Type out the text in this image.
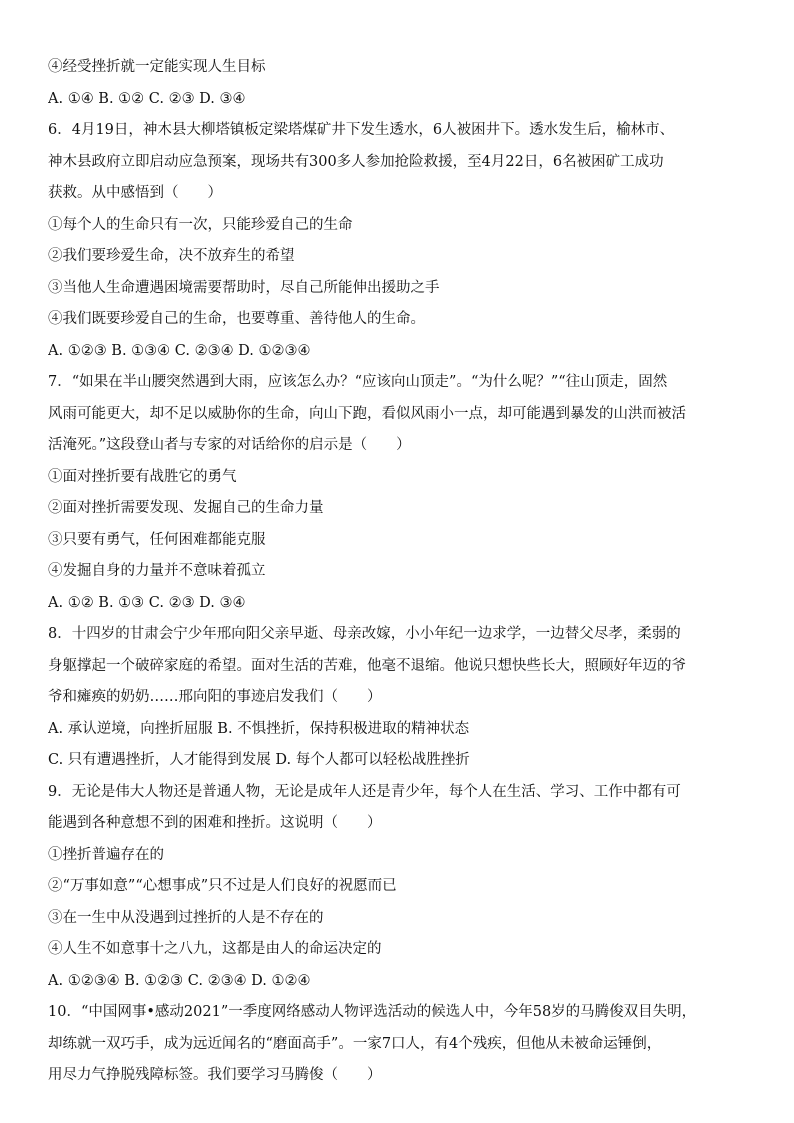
④经受挫折就一定能实现人生目标
A. ①④ B. ①② C. ②③ D. ③④
6．4月19日，神木县大柳塔镇板定梁塔煤矿井下发生透水，6人被困井下。透水发生后，榆林市、
神木县政府立即启动应急预案，现场共有300多人参加抢险救援，至4月22日，6名被困矿工成功
获救。从中感悟到（　　）
①每个人的生命只有一次，只能珍爱自己的生命
②我们要珍爱生命，决不放弃生的希望
③当他人生命遭遇困境需要帮助时，尽自己所能伸出援助之手
④我们既要珍爱自己的生命，也要尊重、善待他人的生命。
A. ①②③ B. ①③④ C. ②③④ D. ①②③④
7．“如果在半山腰突然遇到大雨，应该怎么办？“应该向山顶走”。“为什么呢？”“往山顶走，固然
风雨可能更大，却不足以威胁你的生命，向山下跑，看似风雨小一点，却可能遇到暴发的山洪而被活
活淹死。”这段登山者与专家的对话给你的启示是（　　）
①面对挫折要有战胜它的勇气
②面对挫折需要发现、发掘自己的生命力量
③只要有勇气，任何困难都能克服
④发掘自身的力量并不意味着孤立
A. ①② B. ①③ C. ②③ D. ③④
8．十四岁的甘肃会宁少年邢向阳父亲早逝、母亲改嫁，小小年纪一边求学，一边替父尽孝，柔弱的
身躯撑起一个破碎家庭的希望。面对生活的苦难，他毫不退缩。他说只想快些长大，照顾好年迈的爷
爷和瘫痪的奶奶……邢向阳的事迹启发我们（　　）
A. 承认逆境，向挫折屈服 B. 不惧挫折，保持积极进取的精神状态
C. 只有遭遇挫折，人才能得到发展 D. 每个人都可以轻松战胜挫折
9．无论是伟大人物还是普通人物，无论是成年人还是青少年，每个人在生活、学习、工作中都有可
能遇到各种意想不到的困难和挫折。这说明（　　）
①挫折普遍存在的
②“万事如意”“心想事成”只不过是人们良好的祝愿而已
③在一生中从没遇到过挫折的人是不存在的
④人生不如意事十之八九，这都是由人的命运决定的
A. ①②③④ B. ①②③ C. ②③④ D. ①②④
10．“中国网事•感动2021”一季度网络感动人物评选活动的候选人中，今年58岁的马腾俊双目失明，
却练就一双巧手，成为远近闻名的“磨面高手”。一家7口人，有4个残疾，但他从未被命运锤倒，
用尽力气挣脱残障标签。我们要学习马腾俊（　　）
